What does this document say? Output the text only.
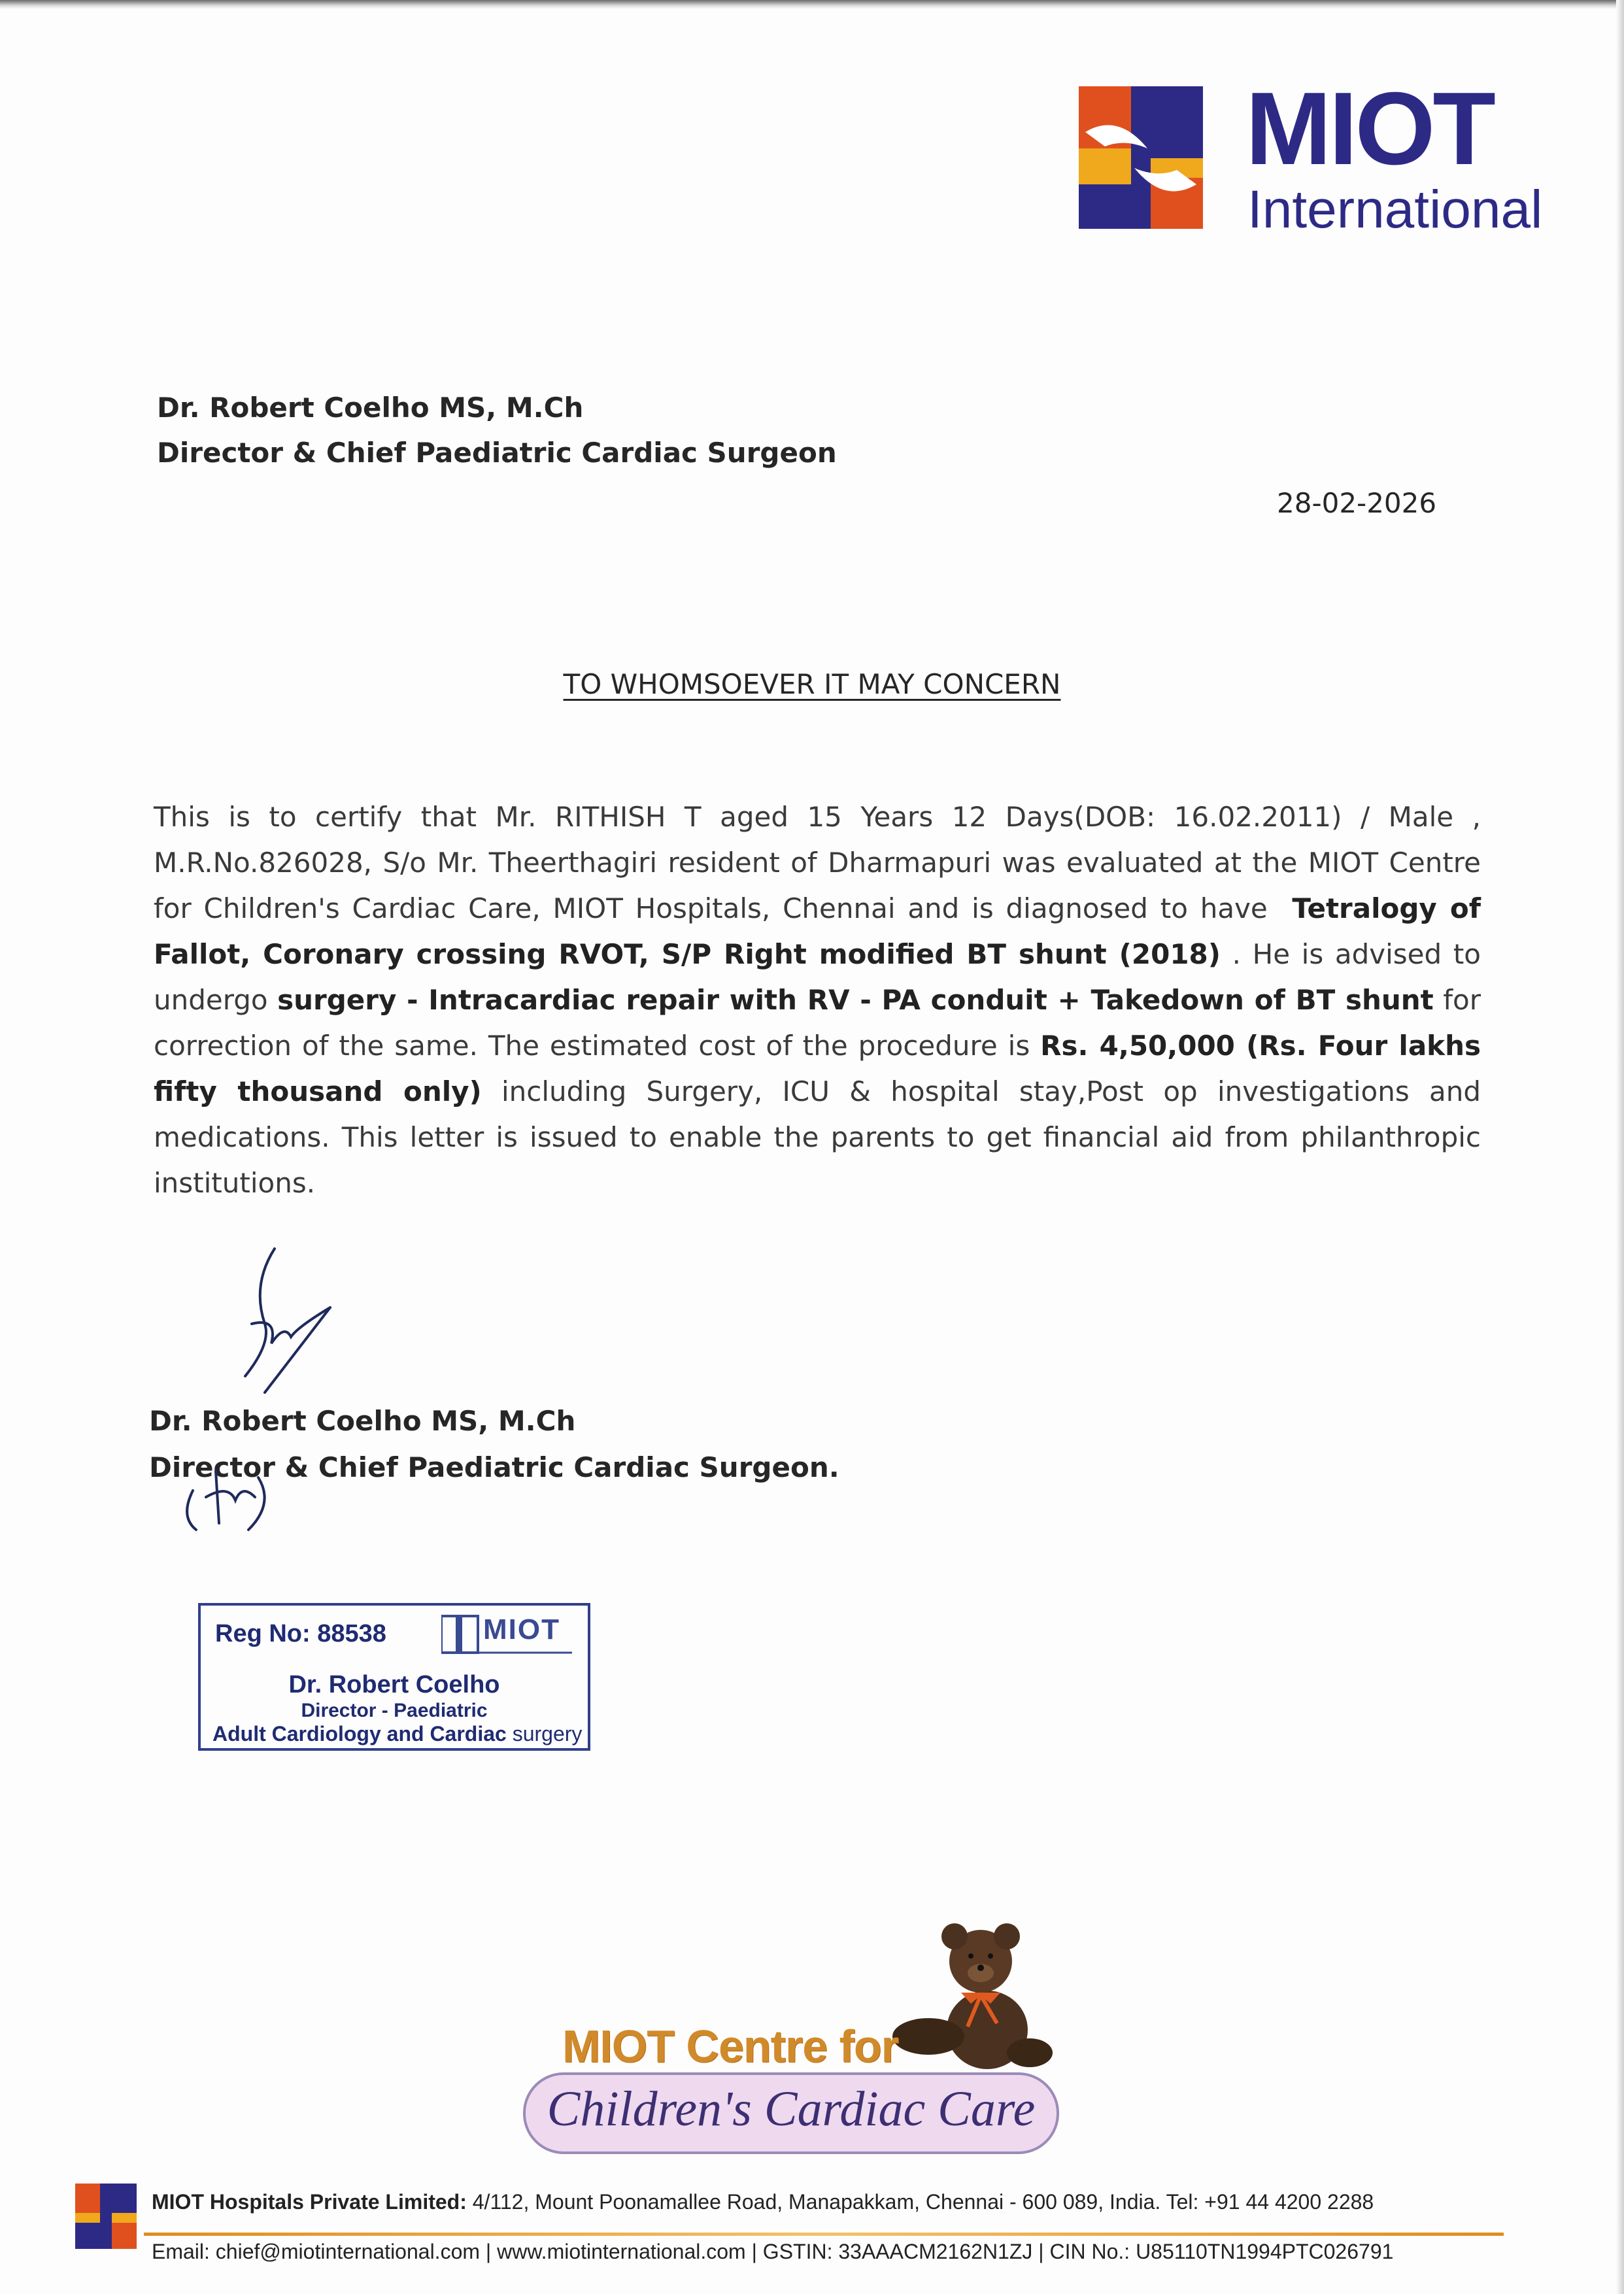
MIOT
International
Dr. Robert Coelho MS, M.Ch
Director & Chief Paediatric Cardiac Surgeon
28-02-2026
TO WHOMSOEVER IT MAY CONCERN
This is to certify that Mr. RITHISH T aged 15 Years 12 Days(DOB: 16.02.2011) / Male , M.R.No.826028, S/o Mr. Theerthagiri resident of Dharmapuri was evaluated at the MIOT Centre for Children's Cardiac Care, MIOT Hospitals, Chennai and is diagnosed to have Tetralogy of Fallot, Coronary crossing RVOT, S/P Right modified BT shunt (2018) . He is advised to undergo surgery - Intracardiac repair with RV - PA conduit + Takedown of BT shunt for correction of the same. The estimated cost of the procedure is Rs. 4,50,000 (Rs. Four lakhs fifty thousand only) including Surgery, ICU & hospital stay,Post op investigations and medications. This letter is issued to enable the parents to get financial aid from philanthropic institutions.
Dr. Robert Coelho MS, M.Ch
Director & Chief Paediatric Cardiac Surgeon.
Reg No: 88538	MIOT
Dr. Robert Coelho
Director - Paediatric
Adult Cardiology and Cardiac surgery
MIOT Centre for
Children's Cardiac Care
MIOT Hospitals Private Limited: 4/112, Mount Poonamallee Road, Manapakkam, Chennai - 600 089, India. Tel: +91 44 4200 2288
Email: chief@miotinternational.com | www.miotinternational.com | GSTIN: 33AAACM2162N1ZJ | CIN No.: U85110TN1994PTC026791
